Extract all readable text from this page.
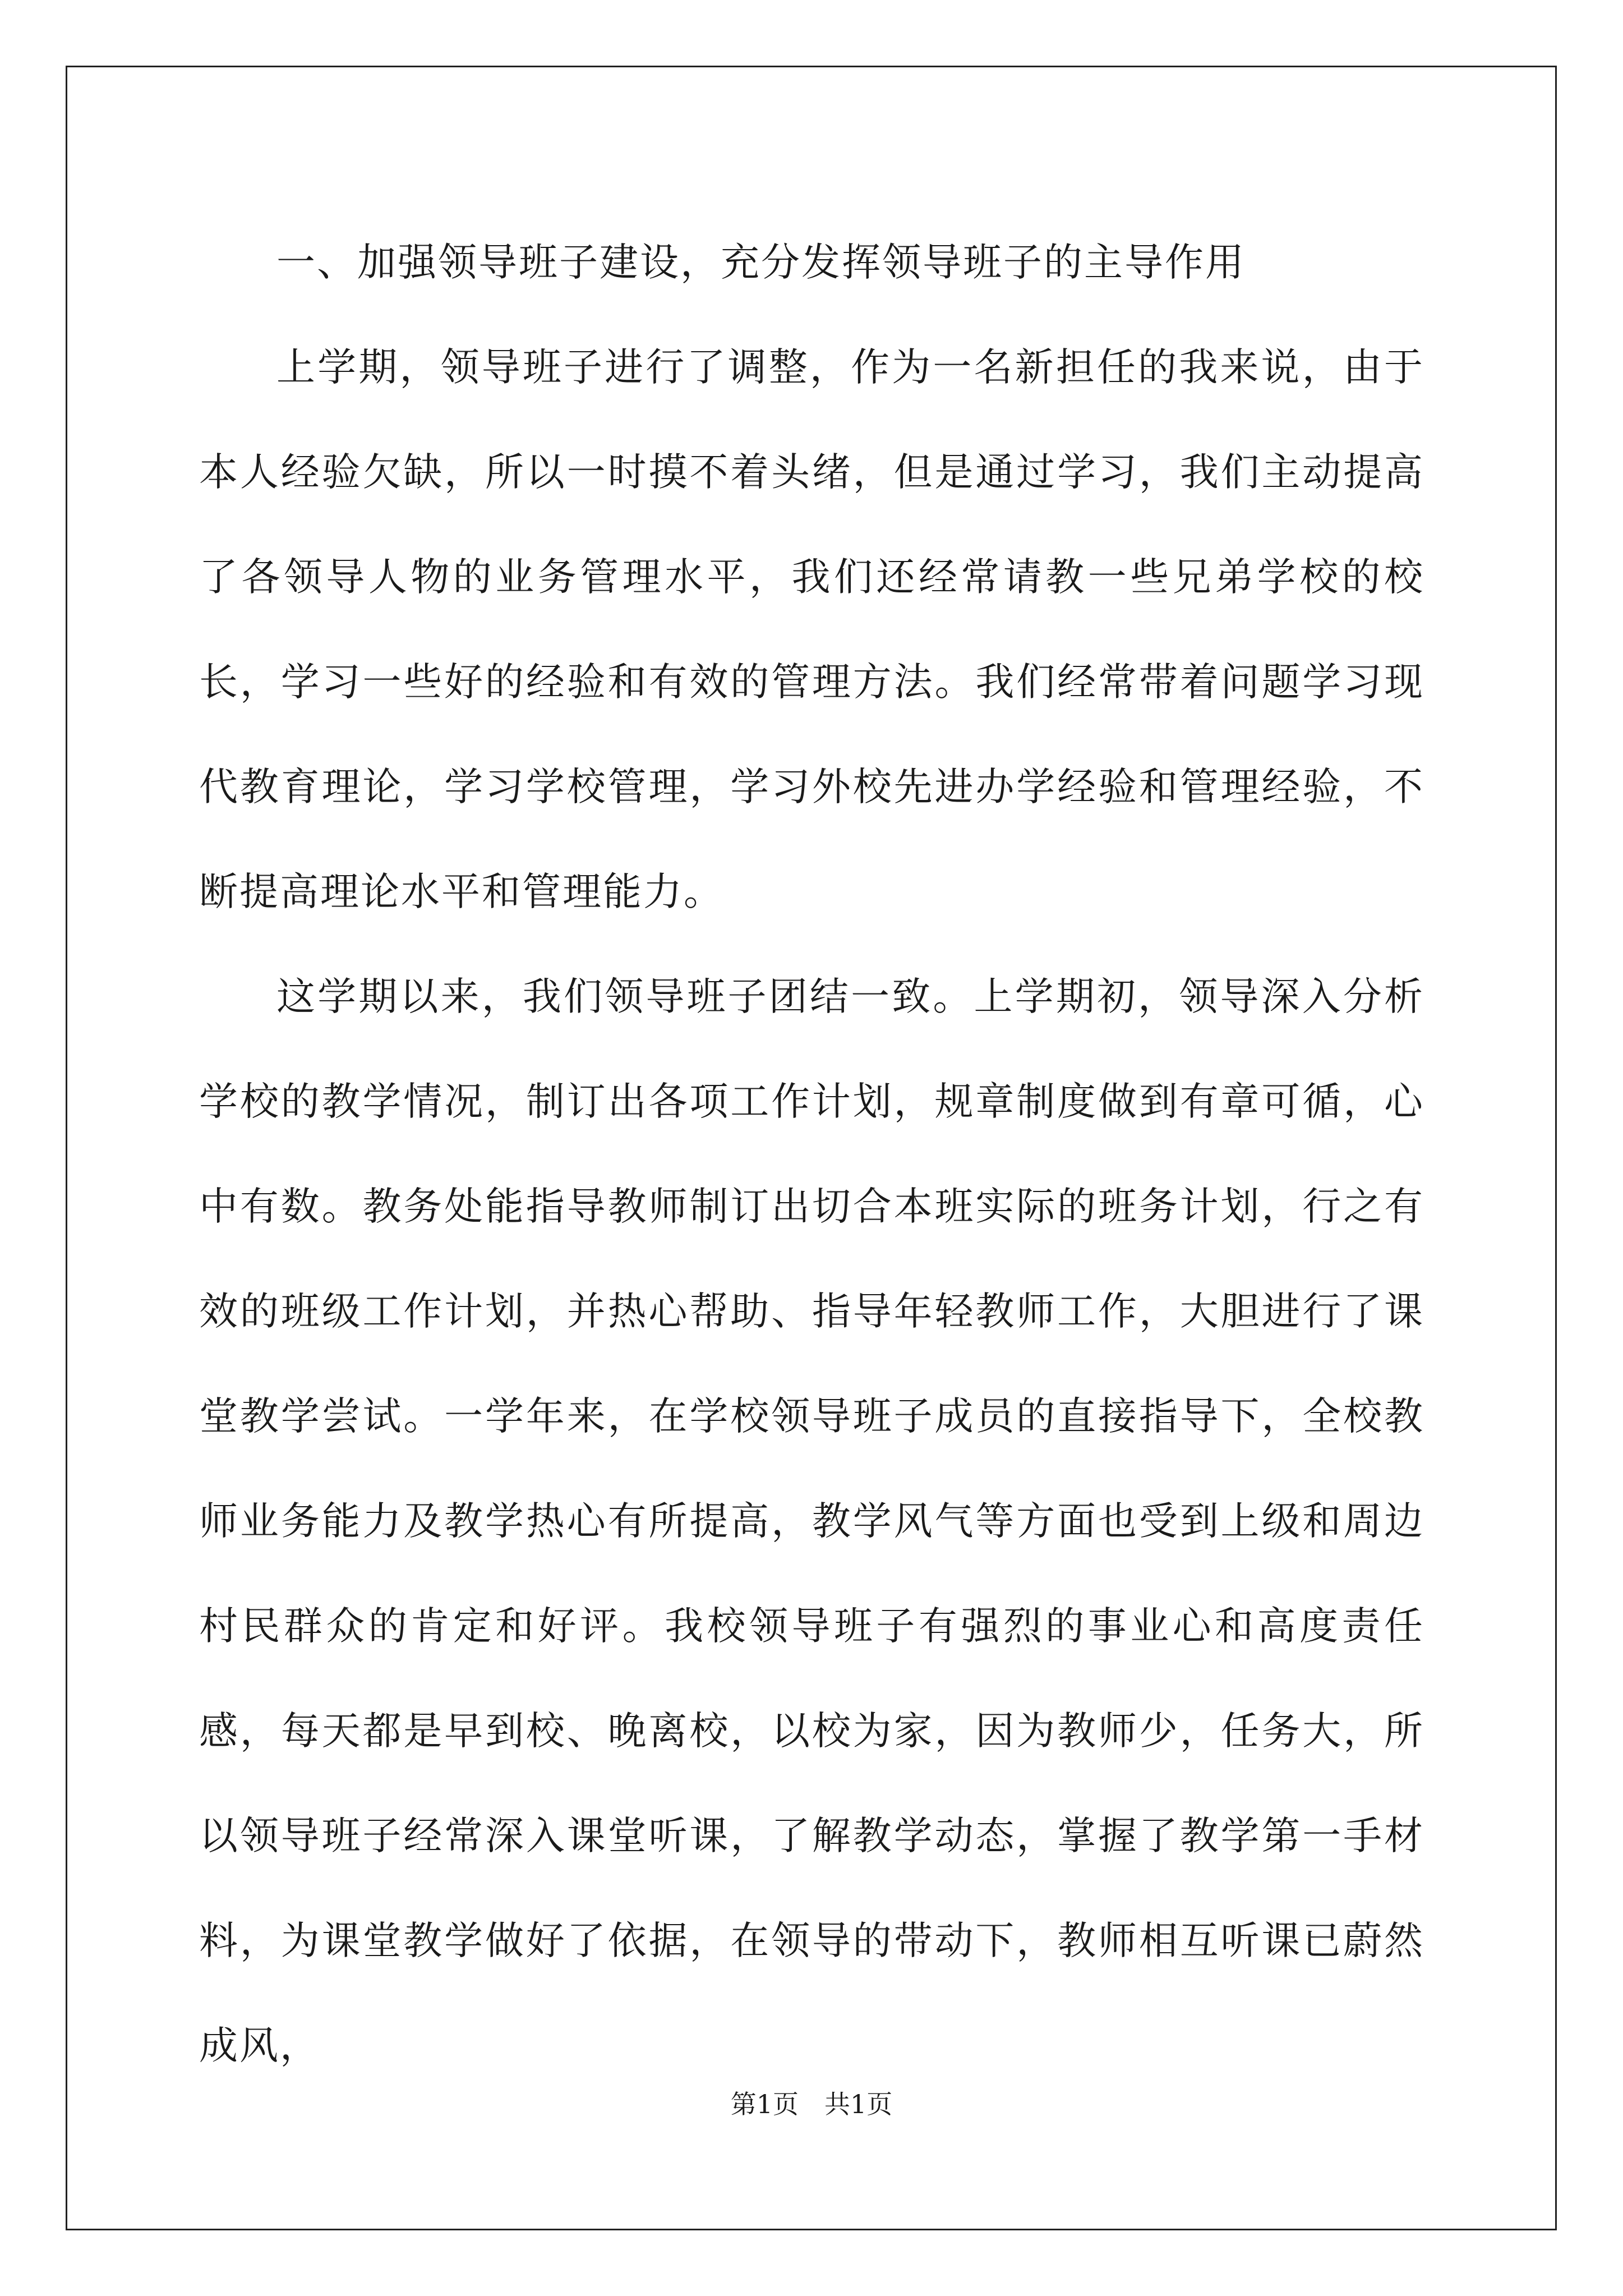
一、加强领导班子建设，充分发挥领导班子的主导作用

上学期，领导班子进行了调整，作为一名新担任的我来说，由于本人经验欠缺，所以一时摸不着头绪，但是通过学习，我们主动提高了各领导人物的业务管理水平，我们还经常请教一些兄弟学校的校长，学习一些好的经验和有效的管理方法。我们经常带着问题学习现代教育理论，学习学校管理，学习外校先进办学经验和管理经验，不断提高理论水平和管理能力。

这学期以来，我们领导班子团结一致。上学期初，领导深入分析学校的教学情况，制订出各项工作计划，规章制度做到有章可循，心中有数。教务处能指导教师制订出切合本班实际的班务计划，行之有效的班级工作计划，并热心帮助、指导年轻教师工作，大胆进行了课堂教学尝试。一学年来，在学校领导班子成员的直接指导下，全校教师业务能力及教学热心有所提高，教学风气等方面也受到上级和周边村民群众的肯定和好评。我校领导班子有强烈的事业心和高度责任感，每天都是早到校、晚离校，以校为家，因为教师少，任务大，所以领导班子经常深入课堂听课，了解教学动态，掌握了教学第一手材料，为课堂教学做好了依据，在领导的带动下，教师相互听课已蔚然成风，

第1页 共1页
